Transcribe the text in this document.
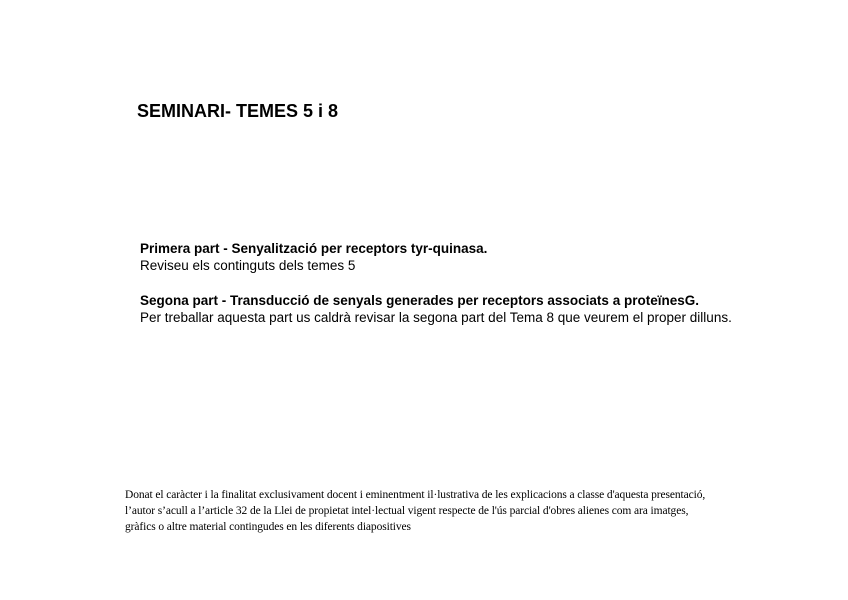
SEMINARI- TEMES 5 i 8

Primera part - Senyalització per receptors tyr-quinasa.
Reviseu els continguts dels temes 5

Segona part - Transducció de senyals generades per receptors associats a proteïnesG.
Per treballar aquesta part us caldrà revisar la segona part del Tema 8 que veurem el proper dilluns.

Donat el caràcter i la finalitat exclusivament docent i eminentment il·lustrativa de les explicacions a classe d'aquesta presentació,
l’autor s’acull a l’article 32 de la Llei de propietat intel·lectual vigent respecte de l'ús parcial d'obres alienes com ara imatges,
gràfics o altre material contingudes en les diferents diapositives
